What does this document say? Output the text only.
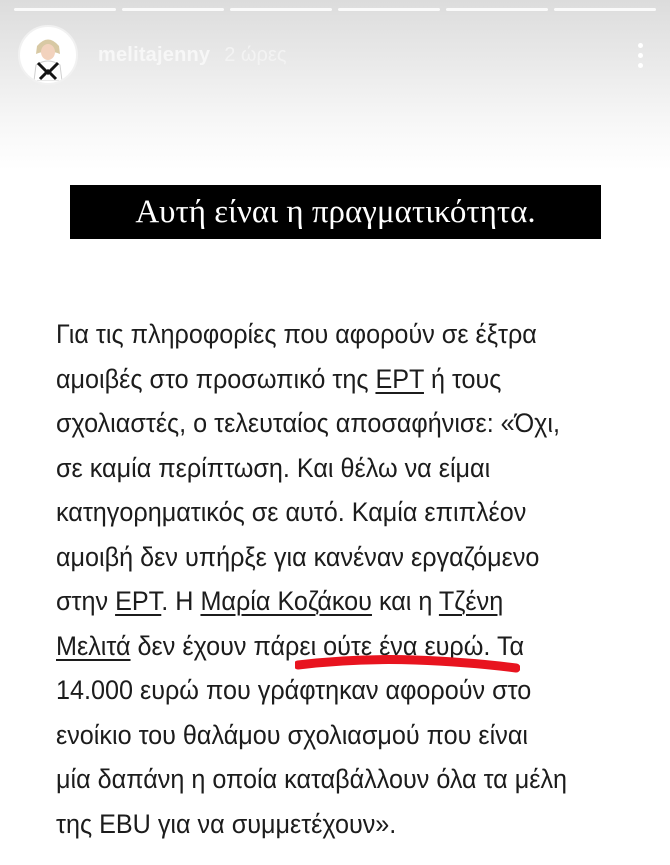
melitajenny 2 ώρες
Αυτή είναι η πραγματικότητα.
Για τις πληροφορίες που αφορούν σε έξτρα
αμοιβές στο προσωπικό της ΕΡΤ ή τους
σχολιαστές, ο τελευταίος αποσαφήνισε: «Όχι,
σε καμία περίπτωση. Και θέλω να είμαι
κατηγορηματικός σε αυτό. Καμία επιπλέον
αμοιβή δεν υπήρξε για κανέναν εργαζόμενο
στην ΕΡΤ. Η Μαρία Κοζάκου και η Τζένη
Μελιτά δεν έχουν πάρει ούτε ένα ευρώ. Τα
14.000 ευρώ που γράφτηκαν αφορούν στο
ενοίκιο του θαλάμου σχολιασμού που είναι
μία δαπάνη η οποία καταβάλλουν όλα τα μέλη
της EBU για να συμμετέχουν».
